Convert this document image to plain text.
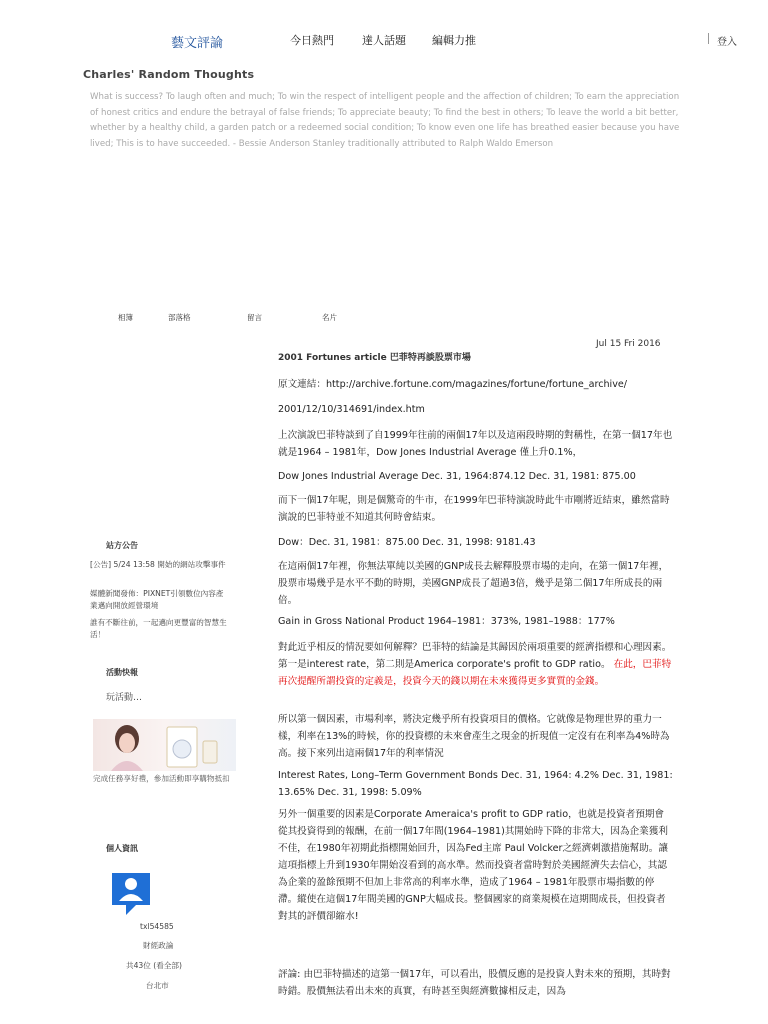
藝文評論	今日熱門	達人話題 編輯力推	登入
Charles' Random Thoughts
What is success? To laugh often and much; To win the respect of intelligent people and the affection of children; To earn the appreciation of honest critics and endure the betrayal of false friends; To appreciate beauty; To find the best in others; To leave the world a bit better, whether by a healthy child, a garden patch or a redeemed social condition; To know even one life has breathed easier because you have lived; This is to have succeeded. - Bessie Anderson Stanley traditionally attributed to Ralph Waldo Emerson
相簿	部落格	留言	名片
Jul 15 Fri 2016
2001 Fortunes article 巴菲特再談股票市場
原文連結：http://archive.fortune.com/magazines/fortune/fortune_archive/
2001/12/10/314691/index.htm
上次演說巴菲特談到了自1999年往前的兩個17年以及這兩段時期的對稱性，在第一個17年也就是1964 – 1981年，Dow Jones Industrial Average 僅上升0.1%，
Dow Jones Industrial Average Dec. 31, 1964:874.12 Dec. 31, 1981: 875.00
而下一個17年呢，則是個驚奇的牛市，在1999年巴菲特演說時此牛市剛將近結束，雖然當時演說的巴菲特並不知道其何時會結束。
Dow：Dec. 31, 1981：875.00 Dec. 31, 1998: 9181.43
在這兩個17年裡，你無法單純以美國的GNP成長去解釋股票市場的走向，在第一個17年裡，股票市場幾乎是水平不動的時期，美國GNP成長了超過3倍，幾乎是第二個17年所成長的兩倍。
Gain in Gross National Product 1964–1981：373%, 1981–1988：177%
對此近乎相反的情況要如何解釋？巴菲特的結論是其歸因於兩項重要的經濟指標和心理因素。 第一是interest rate，第二則是America corporate's profit to GDP ratio。 在此，巴菲特再次提醒所謂投資的定義是，投資今天的錢以期在未來獲得更多實質的金錢。
所以第一個因素，市場利率，將決定幾乎所有投資項目的價格。它就像是物理世界的重力一樣，利率在13%的時候，你的投資標的未來會產生之現金的折現值一定沒有在利率為4%時為高。接下來列出這兩個17年的利率情況
Interest Rates, Long–Term Government Bonds Dec. 31, 1964: 4.2% Dec. 31, 1981: 13.65% Dec. 31, 1998: 5.09%
另外一個重要的因素是Corporate Ameraica's profit to GDP ratio，也就是投資者預期會從其投資得到的報酬，在前一個17年間(1964–1981)其開始時下降的非常大，因為企業獲利不佳，在1980年初期此指標開始回升，因為Fed主席 Paul Volcker之經濟刺激措施幫助。讓這項指標上升到1930年開始沒看到的高水準。然而投資者當時對於美國經濟失去信心，其認為企業的盈餘預期不但加上非常高的利率水準，造成了1964 – 1981年股票市場指數的停滯。縱使在這個17年間美國的GNP大幅成長。整個國家的商業規模在這期間成長，但投資者對其的評價卻縮水!
評論: 由巴菲特描述的這第一個17年，可以看出，股價反應的是投資人對未來的預期，其時對時錯。股價無法看出未來的真實，有時甚至與經濟數據相反走，因為
站方公告
[公告] 5/24 13:58 開始的網站攻擊事件
媒體新聞發佈：PIXNET引領數位內容產業邁向開放經營環境
誰有不斷往前，一起邁向更豐富的智慧生活！
活動快報
玩活動…
完成任務享好禮，參加活動即享購物抵扣
個人資訊
txl54585
財經政論
共43位 (看全部)
台北市
